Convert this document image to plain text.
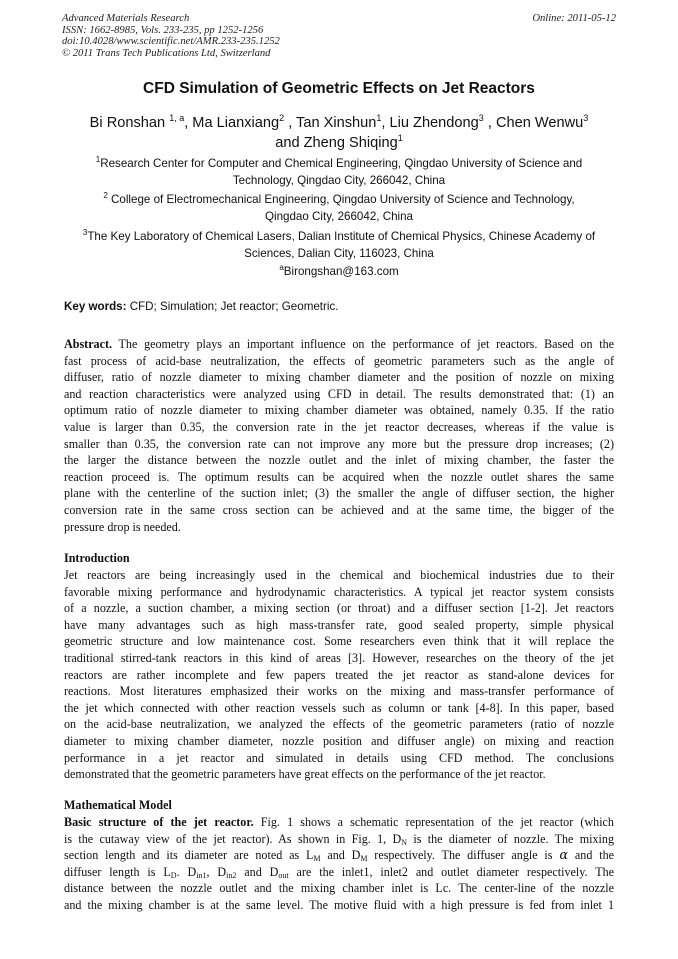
Advanced Materials Research
ISSN: 1662-8985, Vols. 233-235, pp 1252-1256
doi:10.4028/www.scientific.net/AMR.233-235.1252
© 2011 Trans Tech Publications Ltd, Switzerland
Online: 2011-05-12
CFD Simulation of Geometric Effects on Jet Reactors
Bi Ronshan $^{1, a}$, Ma Lianxiang$^2$ , Tan Xinshun$^1$, Liu Zhendong$^3$ , Chen Wenwu$^3$
and Zheng Shiqing$^1$
$^1$Research Center for Computer and Chemical Engineering, Qingdao University of Science and
Technology, Qingdao City, 266042, China
$^2$ College of Electromechanical Engineering, Qingdao University of Science and Technology,
Qingdao City, 266042, China
$^3$The Key Laboratory of Chemical Lasers, Dalian Institute of Chemical Physics, Chinese Academy of
Sciences, Dalian City, 116023, China
$^a$Birongshan@163.com
Key words: CFD; Simulation; Jet reactor; Geometric.
Abstract. The geometry plays an important influence on the performance of jet reactors. Based on the
fast process of acid-base neutralization, the effects of geometric parameters such as the angle of
diffuser, ratio of nozzle diameter to mixing chamber diameter and the position of nozzle on mixing
and reaction characteristics were analyzed using CFD in detail. The results demonstrated that: (1) an
optimum ratio of nozzle diameter to mixing chamber diameter was obtained, namely 0.35. If the ratio
value is larger than 0.35, the conversion rate in the jet reactor decreases, whereas if the value is
smaller than 0.35, the conversion rate can not improve any more but the pressure drop increases; (2)
the larger the distance between the nozzle outlet and the inlet of mixing chamber, the faster the
reaction proceed is. The optimum results can be acquired when the nozzle outlet shares the same
plane with the centerline of the suction inlet; (3) the smaller the angle of diffuser section, the higher
conversion rate in the same cross section can be achieved and at the same time, the bigger of the
pressure drop is needed.
Introduction
Jet reactors are being increasingly used in the chemical and biochemical industries due to their
favorable mixing performance and hydrodynamic characteristics. A typical jet reactor system consists
of a nozzle, a suction chamber, a mixing section (or throat) and a diffuser section [1-2]. Jet reactors
have many advantages such as high mass-transfer rate, good sealed property, simple physical
geometric structure and low maintenance cost. Some researchers even think that it will replace the
traditional stirred-tank reactors in this kind of areas [3]. However, researches on the theory of the jet
reactors are rather incomplete and few papers treated the jet reactor as stand-alone devices for
reactions. Most literatures emphasized their works on the mixing and mass-transfer performance of
the jet which connected with other reaction vessels such as column or tank [4-8]. In this paper, based
on the acid-base neutralization, we analyzed the effects of the geometric parameters (ratio of nozzle
diameter to mixing chamber diameter, nozzle position and diffuser angle) on mixing and reaction
performance in a jet reactor and simulated in details using CFD method. The conclusions
demonstrated that the geometric parameters have great effects on the performance of the jet reactor.
Mathematical Model
Basic structure of the jet reactor. Fig. 1 shows a schematic representation of the jet reactor (which
is the cutaway view of the jet reactor). As shown in Fig. 1, $D_N$ is the diameter of nozzle. The mixing
section length and its diameter are noted as $L_M$ and $D_M$ respectively. The diffuser angle is α and the
diffuser length is $L_D$. $D_{in1}$, $D_{in2}$ and $D_{out}$ are the inlet1, inlet2 and outlet diameter respectively. The
distance between the nozzle outlet and the mixing chamber inlet is Lc. The center-line of the nozzle
and the mixing chamber is at the same level. The motive fluid with a high pressure is fed from inlet 1
